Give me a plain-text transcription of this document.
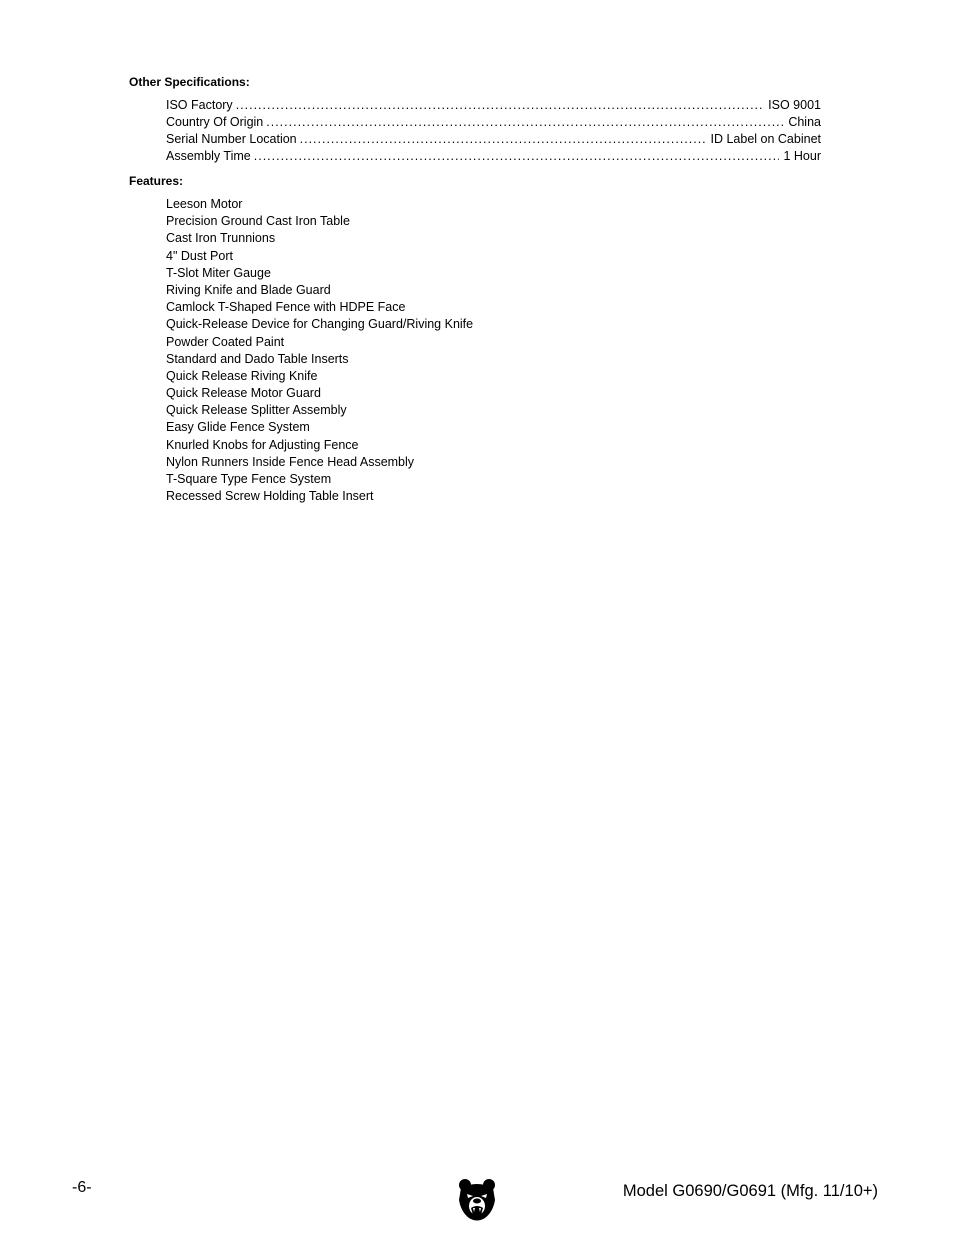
Other Specifications:
ISO Factory .....	ISO 9001
Country Of Origin .....	China
Serial Number Location .....	ID Label on Cabinet
Assembly Time .....	1 Hour
Features:
Leeson Motor
Precision Ground Cast Iron Table
Cast Iron Trunnions
4" Dust Port
T-Slot Miter Gauge
Riving Knife and Blade Guard
Camlock T-Shaped Fence with HDPE Face
Quick-Release Device for Changing Guard/Riving Knife
Powder Coated Paint
Standard and Dado Table Inserts
Quick Release Riving Knife
Quick Release Motor Guard
Quick Release Splitter Assembly
Easy Glide Fence System
Knurled Knobs for Adjusting Fence
Nylon Runners Inside Fence Head Assembly
T-Square Type Fence System
Recessed Screw Holding Table Insert
-6-	Model G0690/G0691 (Mfg. 11/10+)
